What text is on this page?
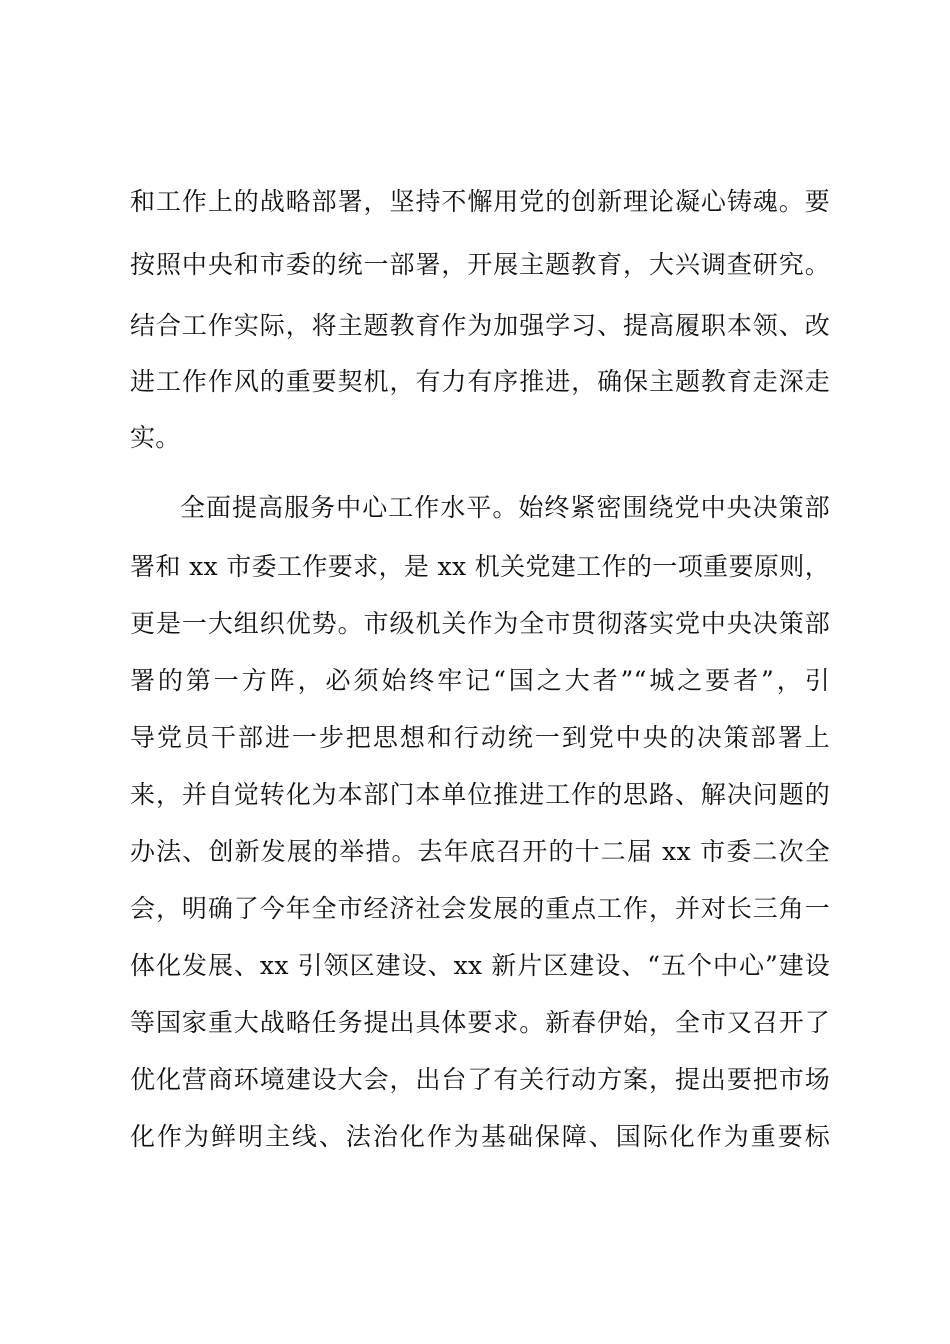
和工作上的战略部署，坚持不懈用党的创新理论凝心铸魂。要
按照中央和市委的统一部署，开展主题教育，大兴调查研究。
结合工作实际，将主题教育作为加强学习、提高履职本领、改
进工作作风的重要契机，有力有序推进，确保主题教育走深走
实。
全面提高服务中心工作水平。始终紧密围绕党中央决策部
署和 xx 市委工作要求，是 xx 机关党建工作的一项重要原则，
更是一大组织优势。市级机关作为全市贯彻落实党中央决策部
署的第一方阵，必须始终牢记“国之大者”“城之要者”，引
导党员干部进一步把思想和行动统一到党中央的决策部署上
来，并自觉转化为本部门本单位推进工作的思路、解决问题的
办法、创新发展的举措。去年底召开的十二届 xx 市委二次全
会，明确了今年全市经济社会发展的重点工作，并对长三角一
体化发展、xx 引领区建设、xx 新片区建设、“五个中心”建设
等国家重大战略任务提出具体要求。新春伊始，全市又召开了
优化营商环境建设大会，出台了有关行动方案，提出要把市场
化作为鲜明主线、法治化作为基础保障、国际化作为重要标
